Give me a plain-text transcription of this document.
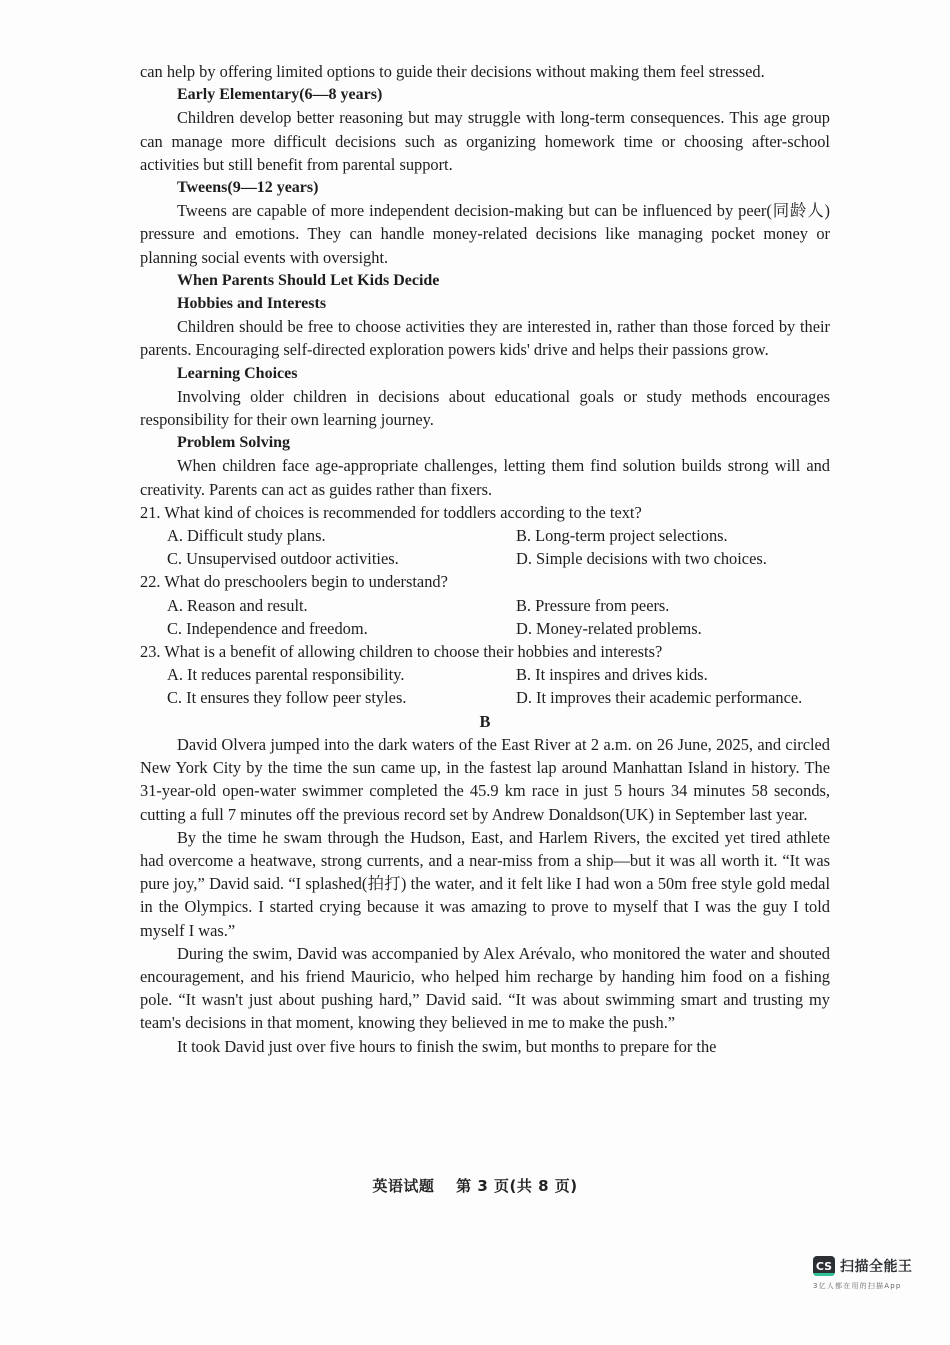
can help by offering limited options to guide their decisions without making them feel stressed.

Early Elementary(6—8 years)

Children develop better reasoning but may struggle with long-term consequences. This age group can manage more difficult decisions such as organizing homework time or choosing after-school activities but still benefit from parental support.

Tweens(9—12 years)

Tweens are capable of more independent decision-making but can be influenced by peer(同龄人) pressure and emotions. They can handle money-related decisions like managing pocket money or planning social events with oversight.

When Parents Should Let Kids Decide

Hobbies and Interests

Children should be free to choose activities they are interested in, rather than those forced by their parents. Encouraging self-directed exploration powers kids' drive and helps their passions grow.

Learning Choices

Involving older children in decisions about educational goals or study methods encourages responsibility for their own learning journey.

Problem Solving

When children face age-appropriate challenges, letting them find solution builds strong will and creativity. Parents can act as guides rather than fixers.

21. What kind of choices is recommended for toddlers according to the text?

A. Difficult study plans.	B. Long-term project selections.
C. Unsupervised outdoor activities.	D. Simple decisions with two choices.

22. What do preschoolers begin to understand?

A. Reason and result.	B. Pressure from peers.
C. Independence and freedom.	D. Money-related problems.

23. What is a benefit of allowing children to choose their hobbies and interests?

A. It reduces parental responsibility.	B. It inspires and drives kids.
C. It ensures they follow peer styles.	D. It improves their academic performance.

B

David Olvera jumped into the dark waters of the East River at 2 a.m. on 26 June, 2025, and circled New York City by the time the sun came up, in the fastest lap around Manhattan Island in history. The 31-year-old open-water swimmer completed the 45.9 km race in just 5 hours 34 minutes 58 seconds, cutting a full 7 minutes off the previous record set by Andrew Donaldson(UK) in September last year.

By the time he swam through the Hudson, East, and Harlem Rivers, the excited yet tired athlete had overcome a heatwave, strong currents, and a near-miss from a ship—but it was all worth it. “It was pure joy,” David said. “I splashed(拍打) the water, and it felt like I had won a 50m free style gold medal in the Olympics. I started crying because it was amazing to prove to myself that I was the guy I told myself I was.”

During the swim, David was accompanied by Alex Arévalo, who monitored the water and shouted encouragement, and his friend Mauricio, who helped him recharge by handing him food on a fishing pole. “It wasn't just about pushing hard,” David said. “It was about swimming smart and trusting my team's decisions in that moment, knowing they believed in me to make the push.”

It took David just over five hours to finish the swim, but months to prepare for the

英语试题 第 3 页(共 8 页)
CS 扫描全能王
3亿人都在用的扫描App
